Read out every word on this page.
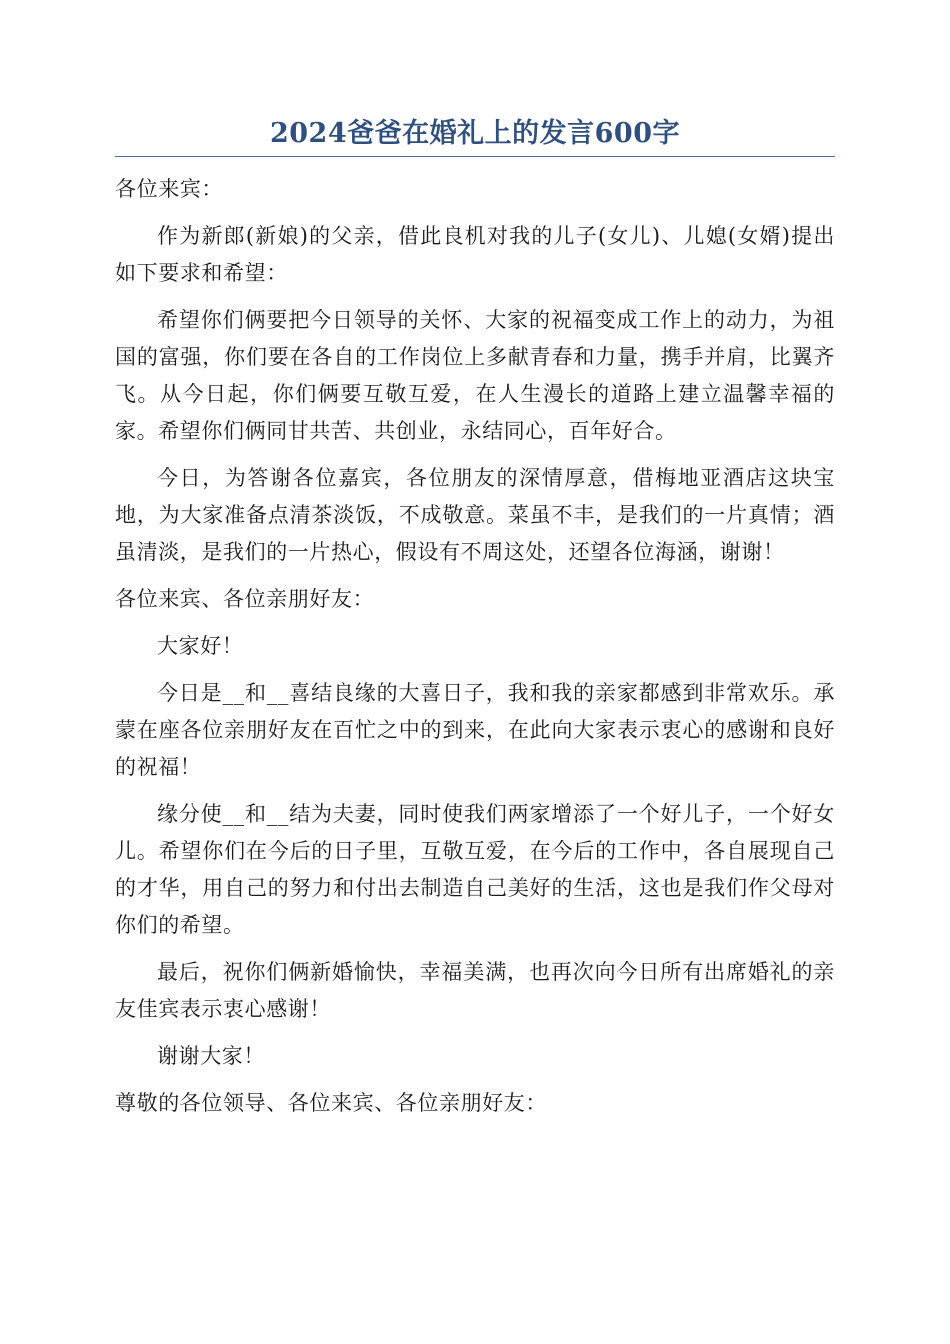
2024爸爸在婚礼上的发言600字

各位来宾：

作为新郎(新娘)的父亲，借此良机对我的儿子(女儿)、儿媳(女婿)提出如下要求和希望：

希望你们俩要把今日领导的关怀、大家的祝福变成工作上的动力，为祖国的富强，你们要在各自的工作岗位上多献青春和力量，携手并肩，比翼齐飞。从今日起，你们俩要互敬互爱，在人生漫长的道路上建立温馨幸福的家。希望你们俩同甘共苦、共创业，永结同心，百年好合。

今日，为答谢各位嘉宾，各位朋友的深情厚意，借梅地亚酒店这块宝地，为大家准备点清茶淡饭，不成敬意。菜虽不丰，是我们的一片真情；酒虽清淡，是我们的一片热心，假设有不周这处，还望各位海涵，谢谢！

各位来宾、各位亲朋好友：

大家好！

今日是__和__喜结良缘的大喜日子，我和我的亲家都感到非常欢乐。承蒙在座各位亲朋好友在百忙之中的到来，在此向大家表示衷心的感谢和良好的祝福！

缘分使__和__结为夫妻，同时使我们两家增添了一个好儿子，一个好女儿。希望你们在今后的日子里，互敬互爱，在今后的工作中，各自展现自己的才华，用自己的努力和付出去制造自己美好的生活，这也是我们作父母对你们的希望。

最后，祝你们俩新婚愉快，幸福美满，也再次向今日所有出席婚礼的亲友佳宾表示衷心感谢！

谢谢大家！

尊敬的各位领导、各位来宾、各位亲朋好友：
